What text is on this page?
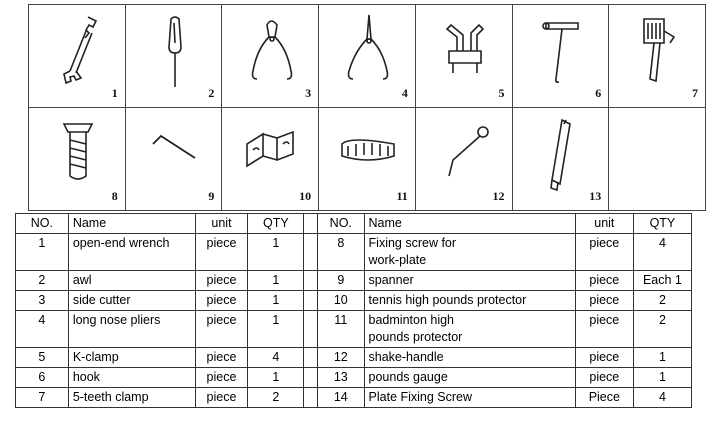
1	2	3	4	5	6	7

8	9	10	11	12	13	

NO.	Name	unit	QTY		NO.	Name	unit	QTY
1	open-end wrench	piece	1		8	Fixing screw for
work-plate	piece	4
2	awl	piece	1		9	spanner	piece	Each 1
3	side cutter	piece	1		10	tennis high pounds protector	piece	2
4	long nose pliers	piece	1		11	badminton high
pounds protector	piece	2
5	K-clamp	piece	4		12	shake-handle	piece	1
6	hook	piece	1		13	pounds gauge	piece	1
7	5-teeth clamp	piece	2		14	Plate Fixing Screw	Piece	4
